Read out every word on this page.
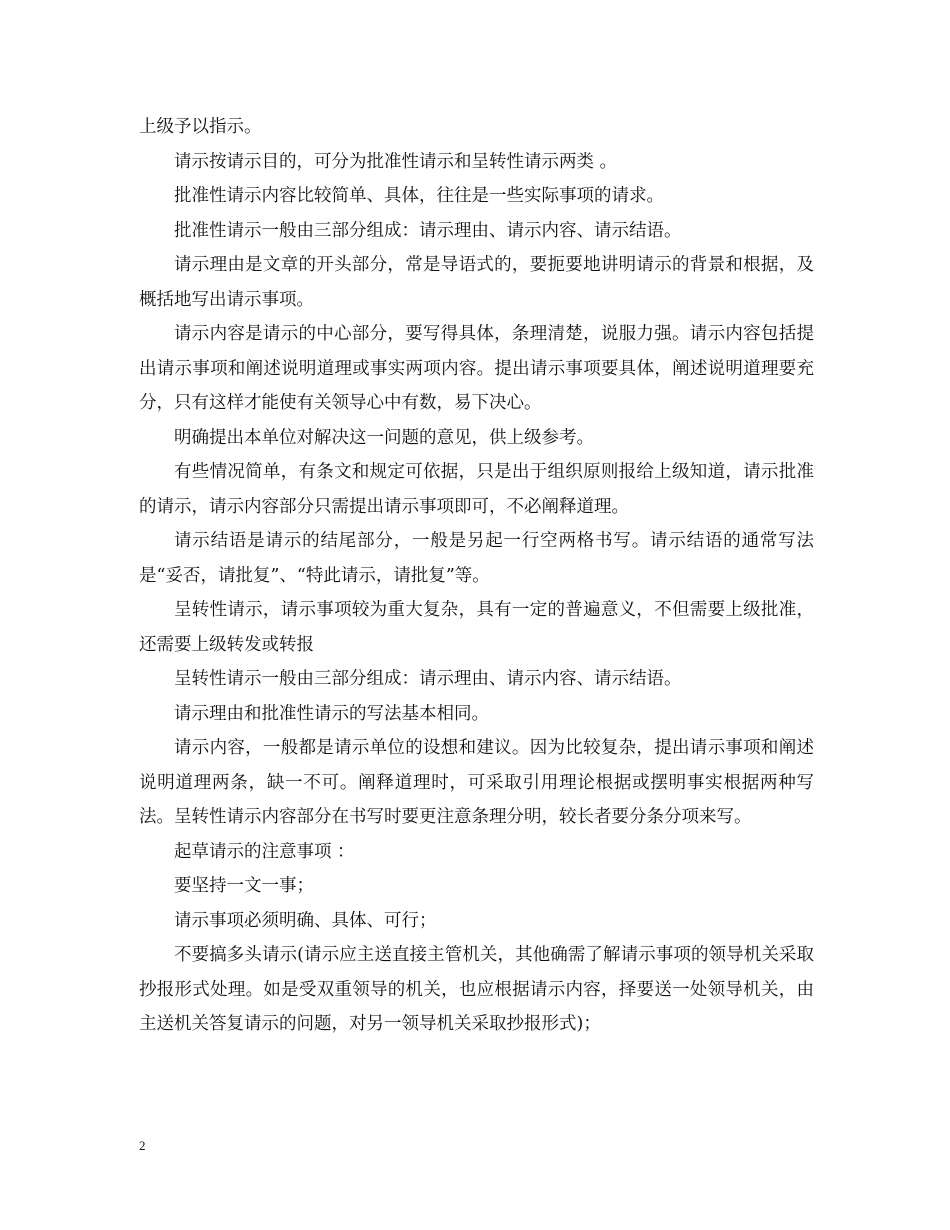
上级予以指示。

请示按请示目的，可分为批准性请示和呈转性请示两类 。

批准性请示内容比较简单、具体，往往是一些实际事项的请求。

批准性请示一般由三部分组成：请示理由、请示内容、请示结语。

请示理由是文章的开头部分，常是导语式的，要扼要地讲明请示的背景和根据，及概括地写出请示事项。

请示内容是请示的中心部分，要写得具体，条理清楚，说服力强。请示内容包括提出请示事项和阐述说明道理或事实两项内容。提出请示事项要具体，阐述说明道理要充分，只有这样才能使有关领导心中有数，易下决心。

明确提出本单位对解决这一问题的意见，供上级参考。

有些情况简单，有条文和规定可依据，只是出于组织原则报给上级知道，请示批准的请示，请示内容部分只需提出请示事项即可，不必阐释道理。

请示结语是请示的结尾部分，一般是另起一行空两格书写。请示结语的通常写法是“妥否，请批复”、“特此请示，请批复”等。

呈转性请示，请示事项较为重大复杂，具有一定的普遍意义，不但需要上级批准，还需要上级转发或转报

呈转性请示一般由三部分组成：请示理由、请示内容、请示结语。

请示理由和批准性请示的写法基本相同。

请示内容，一般都是请示单位的设想和建议。因为比较复杂，提出请示事项和阐述说明道理两条，缺一不可。阐释道理时，可采取引用理论根据或摆明事实根据两种写法。呈转性请示内容部分在书写时要更注意条理分明，较长者要分条分项来写。

起草请示的注意事项 ：

要坚持一文一事；

请示事项必须明确、具体、可行；

不要搞多头请示(请示应主送直接主管机关，其他确需了解请示事项的领导机关采取抄报形式处理。如是受双重领导的机关，也应根据请示内容，择要送一处领导机关，由主送机关答复请示的问题，对另一领导机关采取抄报形式)；

2
